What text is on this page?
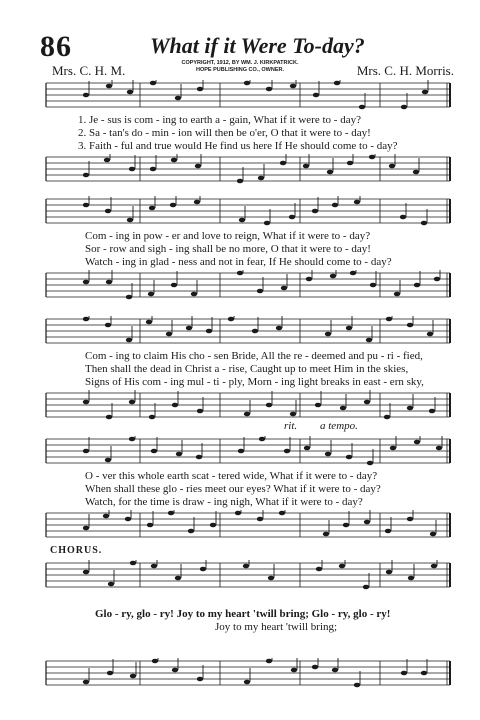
86	What if it Were To-day?
Mrs. C. H. M.	COPYRIGHT, 1912, BY WM. J. KIRKPATRICK.
HOPE PUBLISHING CO., OWNER.	Mrs. C. H. Morris.
1. Je - sus is com - ing to earth a - gain, What if it were to - day?
2. Sa - tan's do - min - ion will then be o'er, O that it were to - day!
3. Faith - ful and true would He find us here If He should come to - day?
Com - ing in pow - er and love to reign, What if it were to - day?
Sor - row and sigh - ing shall be no more, O that it were to - day!
Watch - ing in glad - ness and not in fear, If He should come to - day?
Com - ing to claim His cho - sen Bride, All the re - deemed and pu - ri - fied,
Then shall the dead in Christ a - rise, Caught up to meet Him in the skies,
Signs of His com - ing mul - ti - ply, Morn - ing light breaks in east - ern sky,
rit. a tempo.
O - ver this whole earth scat - tered wide, What if it were to - day?
When shall these glo - ries meet our eyes? What if it were to - day?
Watch, for the time is draw - ing nigh, What if it were to - day?
CHORUS.
Glo - ry, glo - ry! Joy to my heart 'twill bring; Glo - ry, glo - ry!
Joy to my heart 'twill bring;
